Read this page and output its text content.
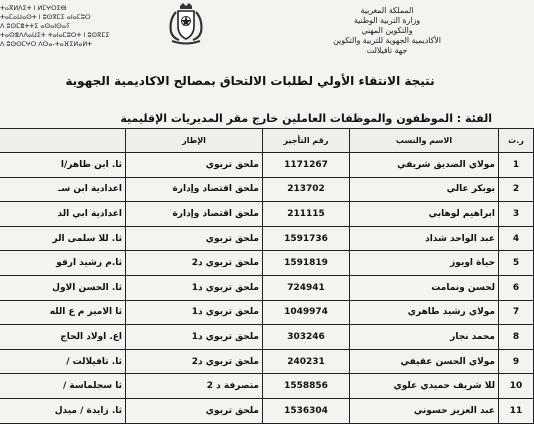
ⵜⴰⴳⵍⴷⵉⵜ ⵏ ⵍⵎⵖⵔⵉⴱ
ⵜⴰⵎⴰⵡⴰⵙⵜ ⵏ ⵓⵙⴳⵎⵉ ⴰⵏⴰⵎⵓⵔ
ⴷ ⵓⵙⵎⴻⵜⵜⵉ ⴰⵙⴰⵏⵙⴰⵢ
ⵜⴰⵙⴻⴷⴷⴰⵡⵉⵜ ⵜⴰⵏⴰⵎⵓⵔⵜ ⵏ ⵓⵙⴳⵎⵉ
ⴷ ⵓⵙⵙⵎⵖⵔ ⴷⵔⴰ-ⵜⴰⴼⵉⵍⴰⵍⵜ
المملكة المغربية
وزارة التربية الوطنية
والتكوين المهني
الأكاديمية الجهوية للتربية والتكوين
جهة تافيلالت
نتيجة الانتقاء الأولي لطلبات الالتحاق بمصالح الاكاديمية الجهوية
الفئة : الموظفون والموظفات العاملين خارج مقر المديريات الإقليمية
ر.ت	الاسم والنسب	رقم التأجير	الإطار	
1	مولاي الصديق شريفي	1171267	ملحق تربوي	ثا. ابن طاهر/ا
2	بوبكر عالي	213702	ملحق اقتصاد وإدارة	اعدادية ابن سـ
3	ابراهيم لوهابي	211115	ملحق اقتصاد وإدارة	اعدادية ابي الد
4	عبد الواحد شداد	1591736	ملحق تربوي	ثا. للا سلمى الر
5	حياة اويوز	1591819	ملحق تربوي د2	ثا.م رشيد ارفو
6	لحسن ونمامت	724941	ملحق تربوي د1	ثا. الحسن الاول
7	مولاي رشيد طاهري	1049974	ملحق تربوي د1	ثا الامير م ع الله
8	محمد نجار	303246	ملحق تربوي د1	اع. اولاد الحاج
9	مولاي الحسن عقيفي	240231	ملحق تربوي د2	ثا. تافيلالت /
10	للا شريف حميدي علوي	1558856	متصرفة د 2	ثا سجلماسة /
11	عبد العزيز حسوني	1536304	ملحق تربوي	ثا. زايدة / ميدل
